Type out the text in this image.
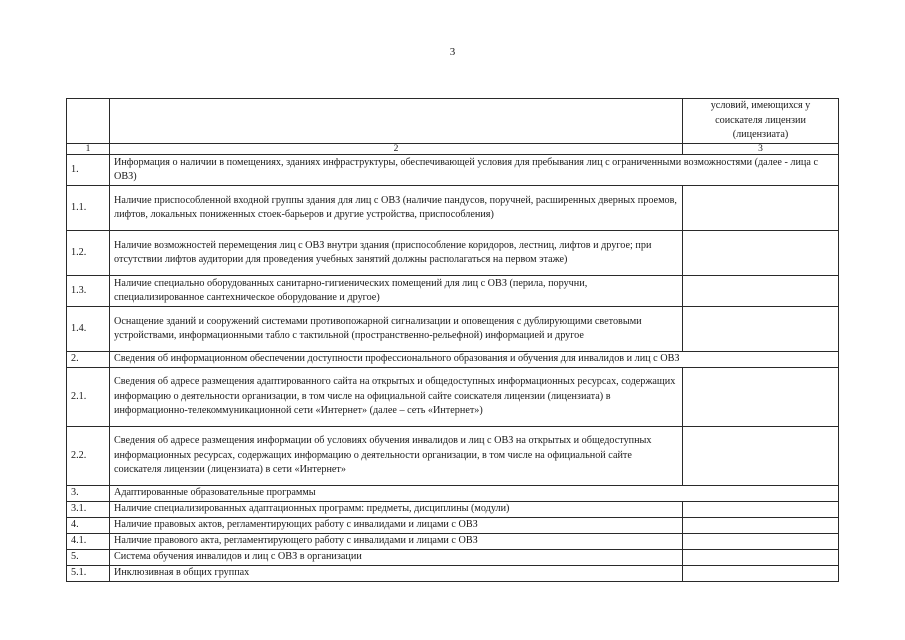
3
		условий, имеющихся у соискателя лицензии (лицензиата)
1	2	3
1.	Информация о наличии в помещениях, зданиях инфраструктуры, обеспечивающей условия для пребывания лиц с ограниченными возможностями (далее - лица с ОВЗ)	
1.1.	Наличие приспособленной входной группы здания для лиц с ОВЗ (наличие пандусов, поручней, расширенных дверных проемов, лифтов, локальных пониженных стоек-барьеров и другие устройства, приспособления)	
1.2.	Наличие возможностей перемещения лиц с ОВЗ внутри здания (приспособление коридоров, лестниц, лифтов и другое; при отсутствии лифтов аудитории для проведения учебных занятий должны располагаться на первом этаже)	
1.3.	Наличие специально оборудованных санитарно-гигиенических помещений для лиц с ОВЗ (перила, поручни, специализированное сантехническое оборудование и другое)	
1.4.	Оснащение зданий и сооружений системами противопожарной сигнализации и оповещения с дублирующими световыми устройствами, информационными табло с тактильной (пространственно-рельефной) информацией и другое	
2.	Сведения об информационном обеспечении доступности профессионального образования и обучения для инвалидов и лиц с ОВЗ	
2.1.	Сведения об адресе размещения адаптированного сайта на открытых и общедоступных информационных ресурсах, содержащих информацию о деятельности организации, в том числе на официальной сайте соискателя лицензии (лицензиата) в информационно-телекоммуникационной сети «Интернет» (далее – сеть «Интернет»)	
2.2.	Сведения об адресе размещения информации об условиях обучения инвалидов и лиц с ОВЗ на открытых и общедоступных информационных ресурсах, содержащих информацию о деятельности организации, в том числе на официальной сайте соискателя лицензии (лицензиата) в сети «Интернет»	
3.	Адаптированные образовательные программы	
3.1.	Наличие специализированных адаптационных программ: предметы, дисциплины (модули)	
4.	Наличие правовых актов, регламентирующих работу с инвалидами и лицами с ОВЗ	
4.1.	Наличие правового акта, регламентирующего работу с инвалидами и лицами с ОВЗ	
5.	Система обучения инвалидов и лиц с ОВЗ в организации	
5.1.	Инклюзивная в общих группах	
